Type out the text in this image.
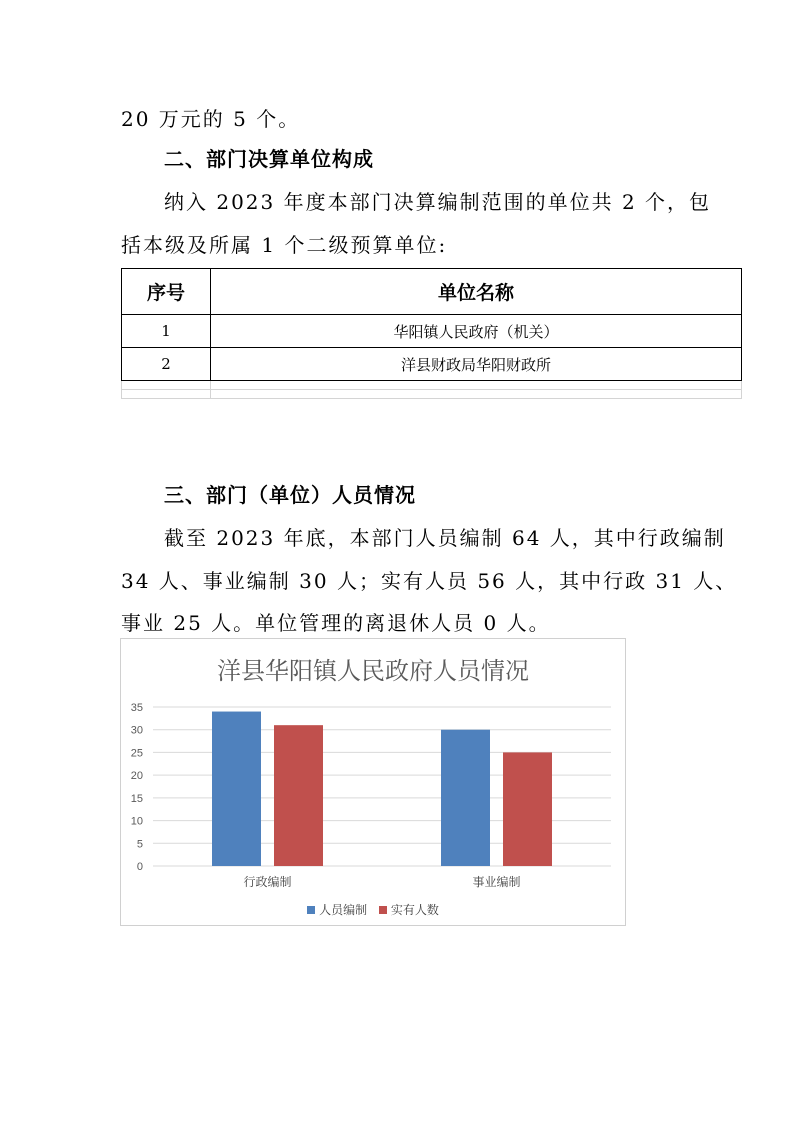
20 万元的 5 个。
二、部门决算单位构成
纳入 2023 年度本部门决算编制范围的单位共 2 个，包
括本级及所属 1 个二级预算单位:
序号	单位名称
1	华阳镇人民政府（机关）
2	洋县财政局华阳财政所

三、部门（单位）人员情况
截至 2023 年底，本部门人员编制 64 人，其中行政编制
34 人、事业编制 30 人；实有人员 56 人，其中行政 31 人、
事业 25 人。单位管理的离退休人员 0 人。
洋县华阳镇人民政府人员情况
0
5
10
15
20
25
30
35
行政编制	事业编制
人员编制
实有人数
